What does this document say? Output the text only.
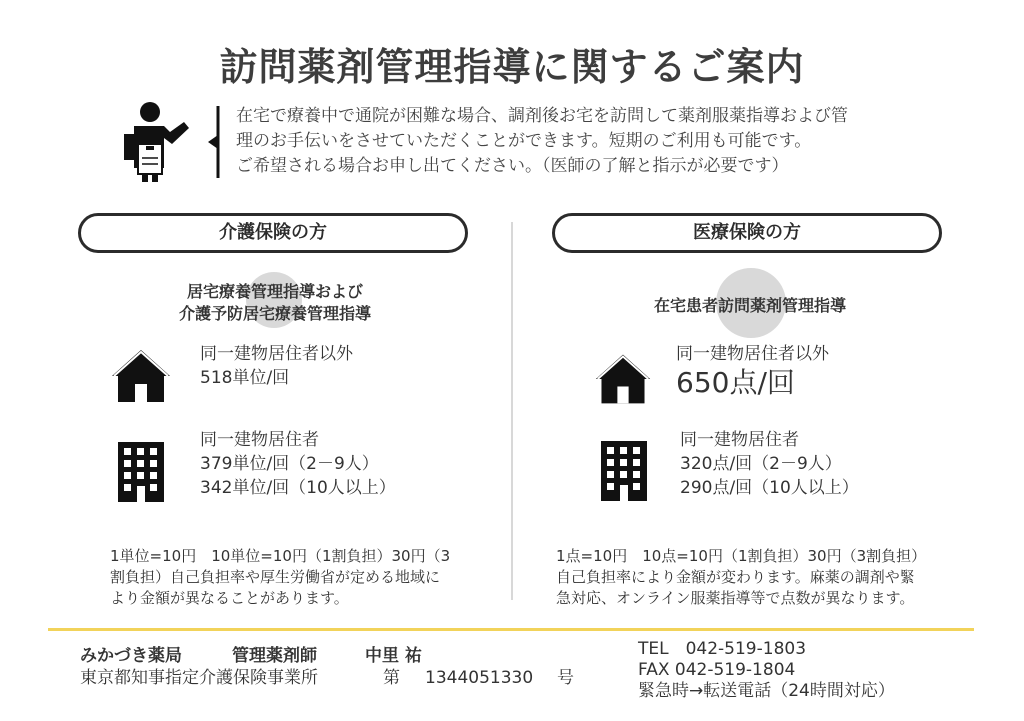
訪問薬剤管理指導に関するご案内
在宅で療養中で通院が困難な場合、調剤後お宅を訪問して薬剤服薬指導および管
理のお手伝いをさせていただくことができます。短期のご利用も可能です。
ご希望される場合お申し出てください。（医師の了解と指示が必要です）
介護保険の方	医療保険の方
居宅療養管理指導および
介護予防居宅療養管理指導
同一建物居住者以外
518単位/回
同一建物居住者
379単位/回（2－9人）
342単位/回（10人以上）
1単位=10円　10単位=10円（1割負担）30円（3
割負担）自己負担率や厚生労働省が定める地域に
より金額が異なることがあります。
在宅患者訪問薬剤管理指導
同一建物居住者以外
650点/回
同一建物居住者
320点/回（2－9人）
290点/回（10人以上）
1点=10円　10点=10円（1割負担）30円（3割負担）
自己負担率により金額が変わります。麻薬の調剤や緊
急対応、オンライン服薬指導等で点数が異なります。
みかづき薬局	管理薬剤師	中里 祐
東京都知事指定介護保険事業所	第 1344051330 号
TEL　042-519-1803
FAX 042-519-1804
緊急時→転送電話（24時間対応）
